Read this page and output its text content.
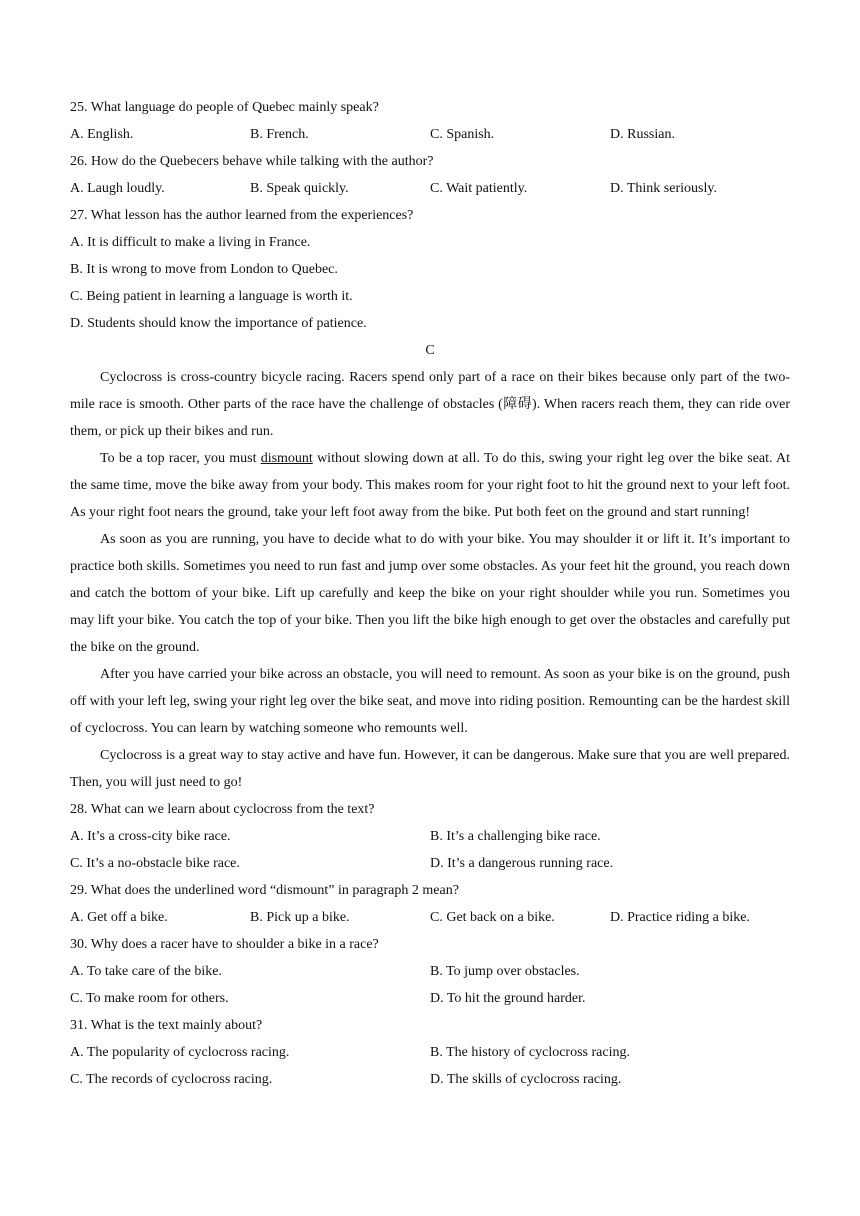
25. What language do people of Quebec mainly speak?
A. English.	B. French.	C. Spanish.	D. Russian.
26. How do the Quebecers behave while talking with the author?
A. Laugh loudly.	B. Speak quickly.	C. Wait patiently.	D. Think seriously.
27. What lesson has the author learned from the experiences?
A. It is difficult to make a living in France.
B. It is wrong to move from London to Quebec.
C. Being patient in learning a language is worth it.
D. Students should know the importance of patience.
C
Cyclocross is cross-country bicycle racing. Racers spend only part of a race on their bikes because only part of the two-mile race is smooth. Other parts of the race have the challenge of obstacles (障碍). When racers reach them, they can ride over them, or pick up their bikes and run.
To be a top racer, you must dismount without slowing down at all. To do this, swing your right leg over the bike seat. At the same time, move the bike away from your body. This makes room for your right foot to hit the ground next to your left foot. As your right foot nears the ground, take your left foot away from the bike. Put both feet on the ground and start running!
As soon as you are running, you have to decide what to do with your bike. You may shoulder it or lift it. It’s important to practice both skills. Sometimes you need to run fast and jump over some obstacles. As your feet hit the ground, you reach down and catch the bottom of your bike. Lift up carefully and keep the bike on your right shoulder while you run. Sometimes you may lift your bike. You catch the top of your bike. Then you lift the bike high enough to get over the obstacles and carefully put the bike on the ground.
After you have carried your bike across an obstacle, you will need to remount. As soon as your bike is on the ground, push off with your left leg, swing your right leg over the bike seat, and move into riding position. Remounting can be the hardest skill of cyclocross. You can learn by watching someone who remounts well.
Cyclocross is a great way to stay active and have fun. However, it can be dangerous. Make sure that you are well prepared. Then, you will just need to go!
28. What can we learn about cyclocross from the text?
A. It’s a cross-city bike race.	B. It’s a challenging bike race.
C. It’s a no-obstacle bike race.	D. It’s a dangerous running race.
29. What does the underlined word “dismount” in paragraph 2 mean?
A. Get off a bike.	B. Pick up a bike.	C. Get back on a bike.	D. Practice riding a bike.
30. Why does a racer have to shoulder a bike in a race?
A. To take care of the bike.	B. To jump over obstacles.
C. To make room for others.	D. To hit the ground harder.
31. What is the text mainly about?
A. The popularity of cyclocross racing.	B. The history of cyclocross racing.
C. The records of cyclocross racing.	D. The skills of cyclocross racing.
